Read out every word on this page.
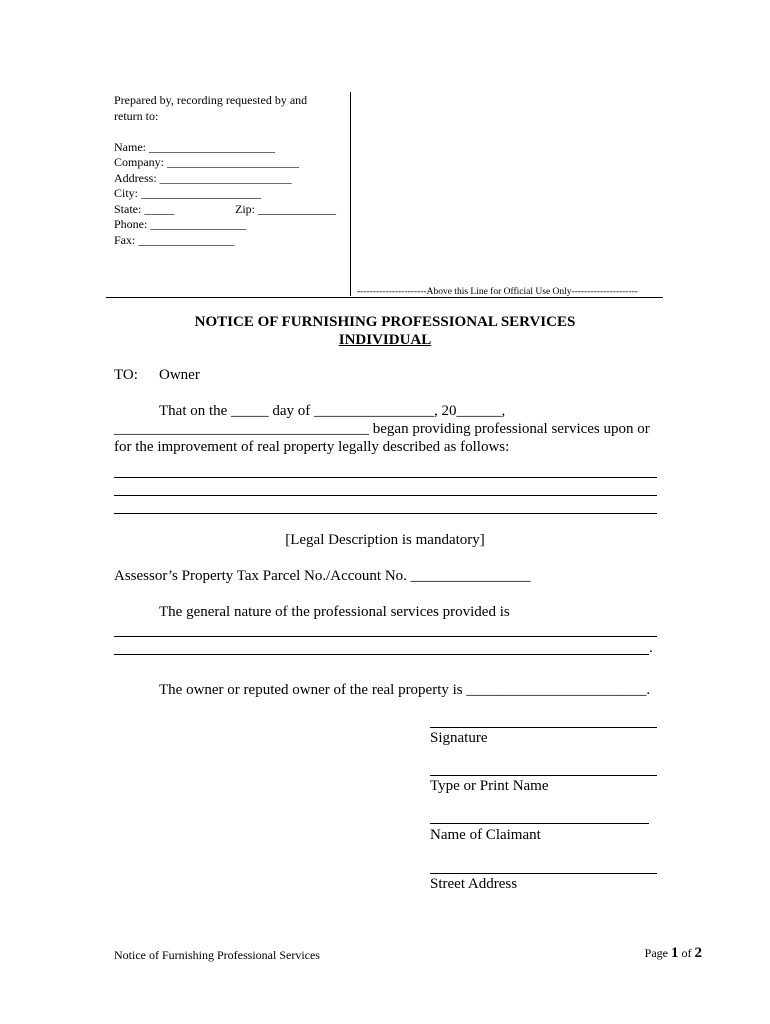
Prepared by, recording requested by and
return to:
Name: _____________________
Company: ______________________
Address: ______________________
City: ____________________
State: _____	Zip: _____________
Phone: ________________
Fax: ________________
----------------------Above this Line for Official Use Only---------------------
NOTICE OF FURNISHING PROFESSIONAL SERVICES
INDIVIDUAL
TO: Owner
That on the _____ day of ________________, 20______,
__________________________________ began providing professional services upon or
for the improvement of real property legally described as follows:
[Legal Description is mandatory]
Assessor’s Property Tax Parcel No./Account No. ________________
The general nature of the professional services provided is
.
The owner or reputed owner of the real property is ________________________.
Signature
Type or Print Name
Name of Claimant
Street Address
Notice of Furnishing Professional Services	Page 1 of 2
